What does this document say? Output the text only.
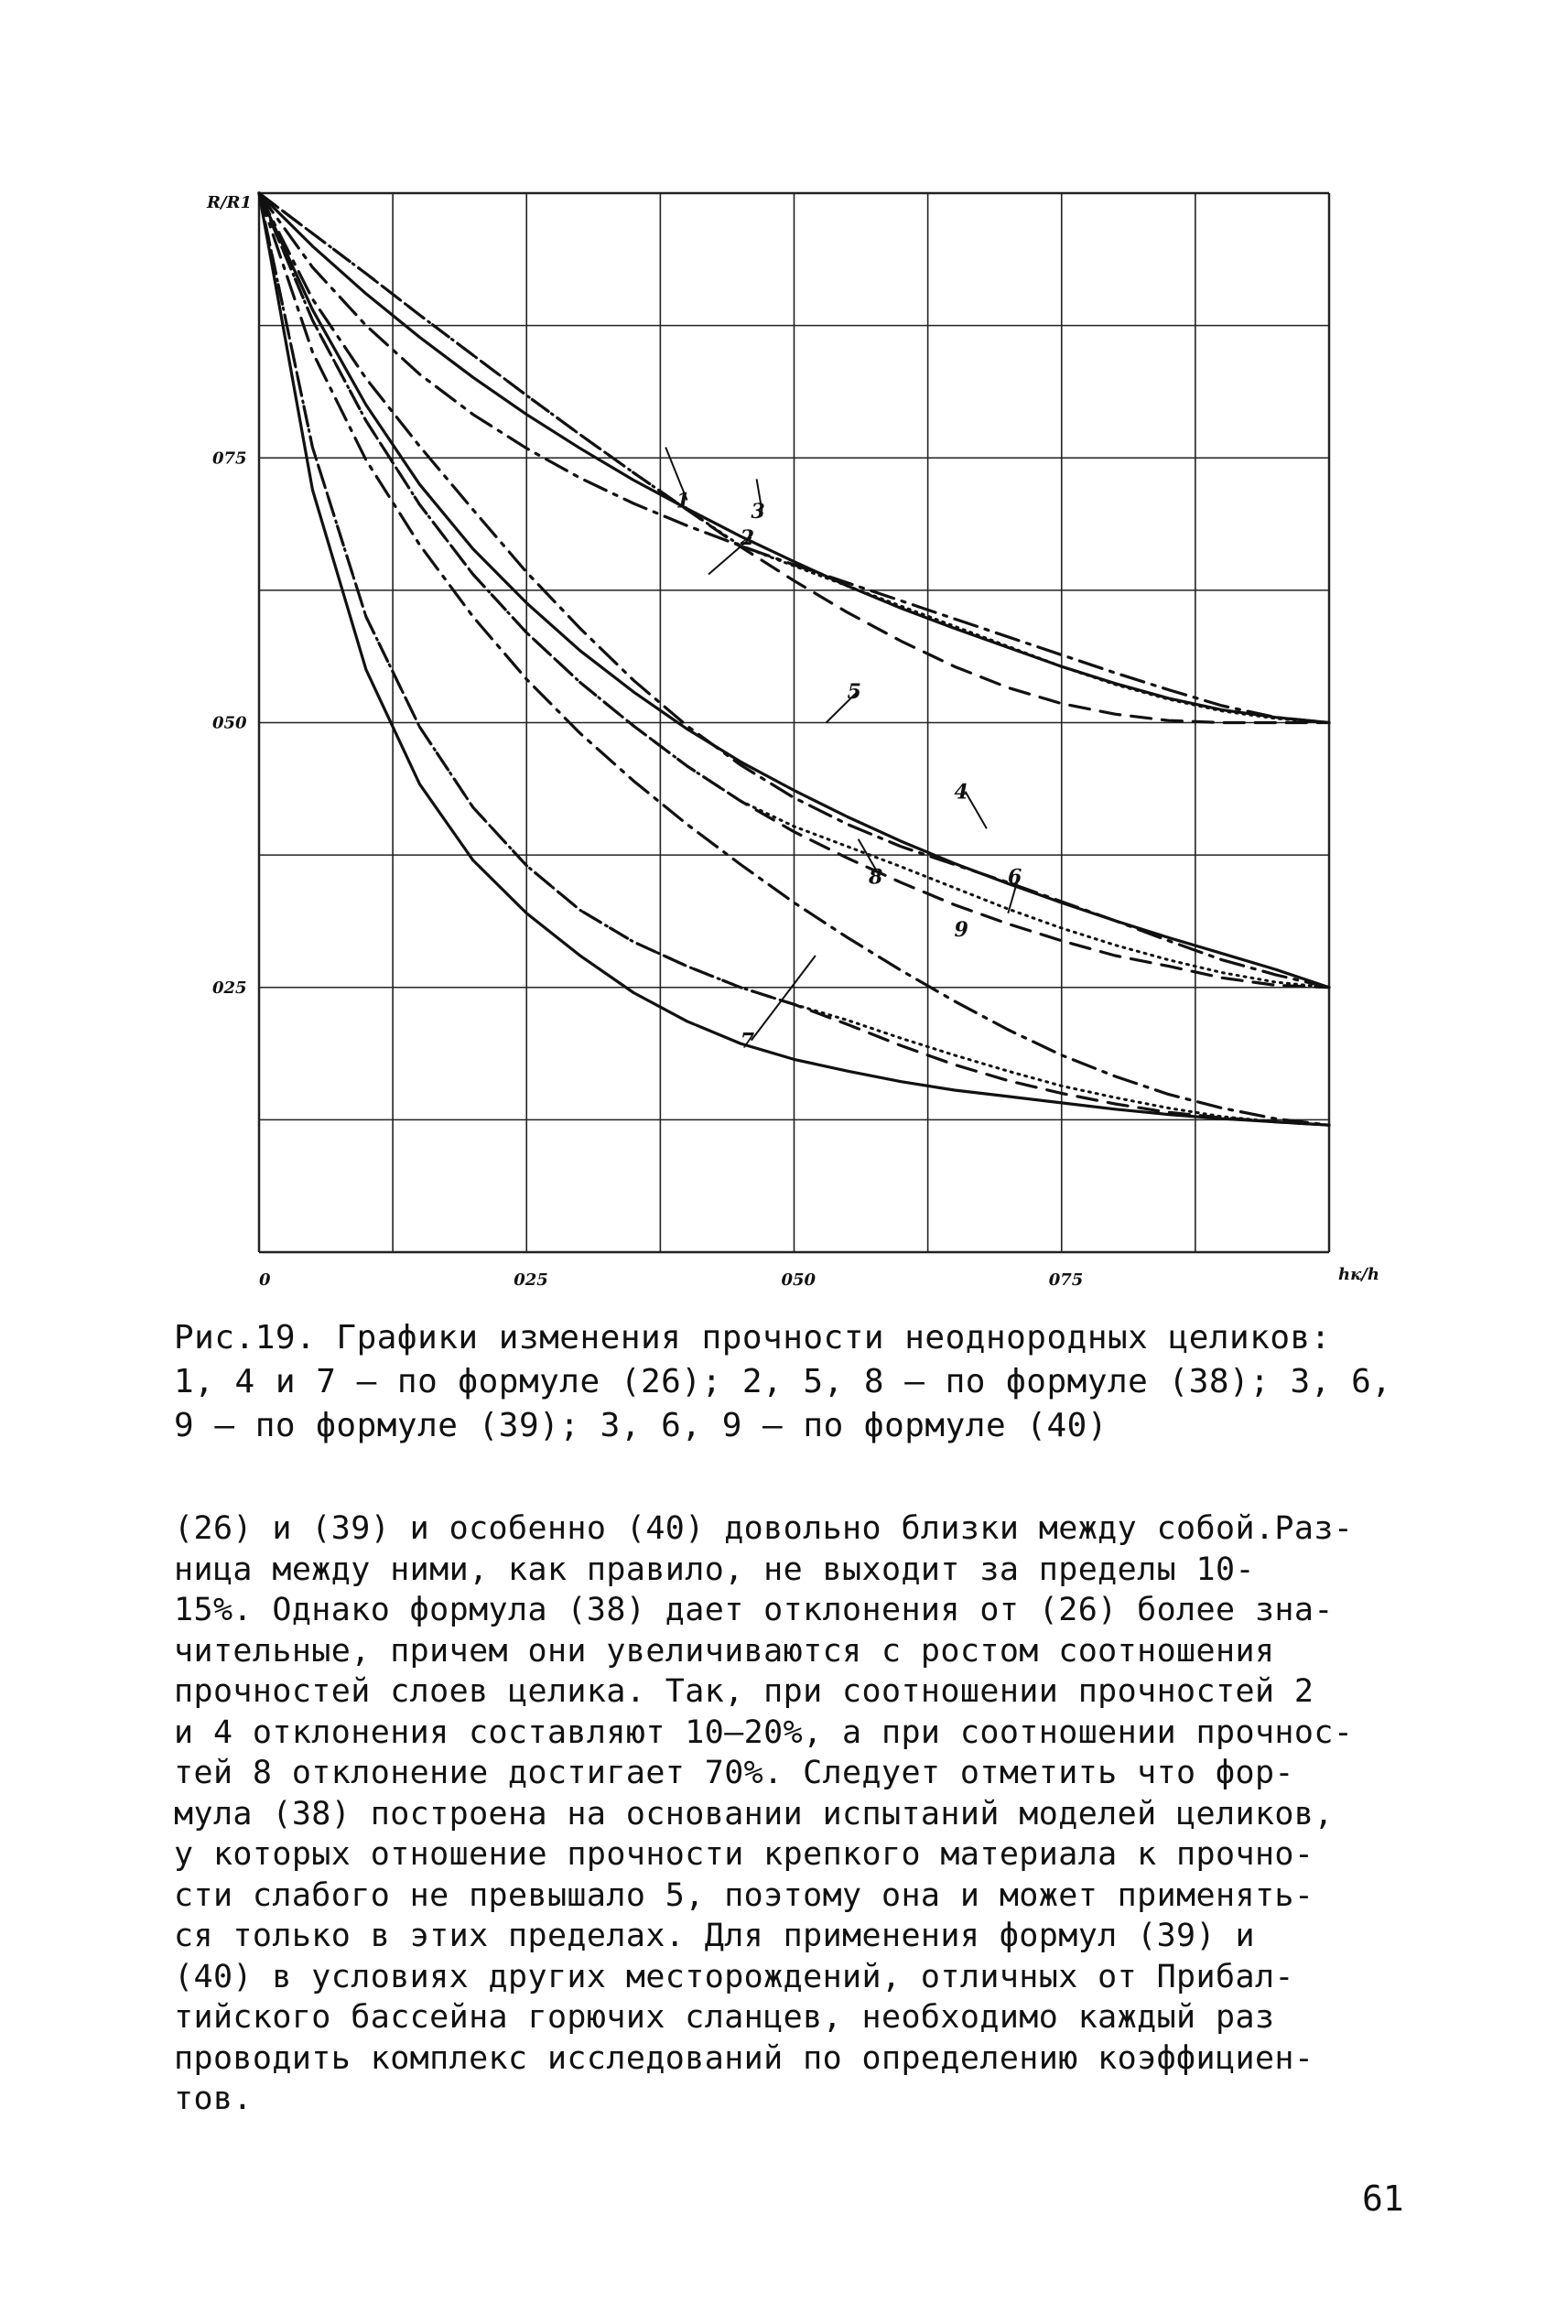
0	025	050	075
075
050
025
hк/h
R/R1
3
2
1
5
4
6
7
8
9
Рис.19. Графики изменения прочности неоднородных целиков:
1, 4 и 7 – по формуле (26); 2, 5, 8 – по формуле (38); 3, 6,
9 – по формуле (39); 3, 6, 9 – по формуле (40)
(26) и (39) и особенно (40) довольно близки между собой.Раз-
ница между ними, как правило, не выходит за пределы 10-
15%. Однако формула (38) дает отклонения от (26) более зна-
чительные, причем они увеличиваются с ростом соотношения
прочностей слоев целика. Так, при соотношении прочностей 2
и 4 отклонения составляют 10–20%, а при соотношении прочнос-
тей 8 отклонение достигает 70%. Следует отметить что фор-
мула (38) построена на основании испытаний моделей целиков,
у которых отношение прочности крепкого материала к прочно-
сти слабого не превышало 5, поэтому она и может применять-
ся только в этих пределах. Для применения формул (39) и
(40) в условиях других месторождений, отличных от Прибал-
тийского бассейна горючих сланцев, необходимо каждый раз
проводить комплекс исследований по определению коэффициен-
тов.
61
